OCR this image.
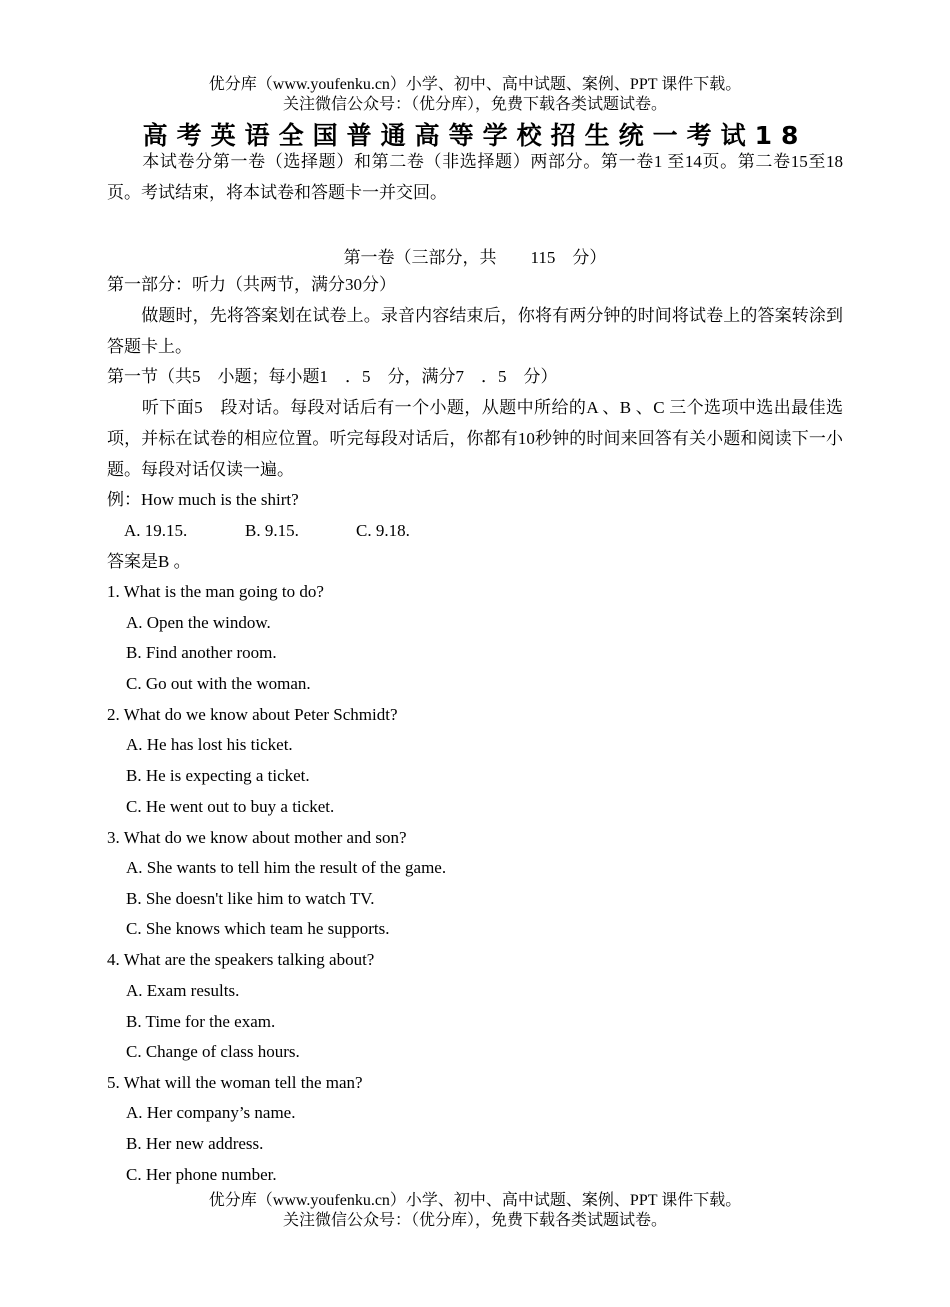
优分库（www.youfenku.cn）小学、初中、高中试题、案例、PPT 课件下载。

关注微信公众号：（优分库），免费下载各类试题试卷。

高考英语全国普通高等学校招生统一考试18

　　本试卷分第一卷（选择题）和第二卷（非选择题）两部分。第一卷1 至14页。第二卷15至18页。考试结束，将本试卷和答题卡一并交回。

第一卷（三部分，共　　115　分）

第一部分：听力（共两节，满分30分）

　　做题时，先将答案划在试卷上。录音内容结束后，你将有两分钟的时间将试卷上的答案转涂到答题卡上。

第一节（共5　小题；每小题1　．5　分，满分7　．5　分）

　　听下面5　段对话。每段对话后有一个小题，从题中所给的A 、B 、C 三个选项中选出最佳选项，并标在试卷的相应位置。听完每段对话后，你都有10秒钟的时间来回答有关小题和阅读下一小题。每段对话仅读一遍。

例：How much is the shirt?

A. 19.15.	B. 9.15.	C. 9.18.

答案是B 。

1. What is the man going to do?

A. Open the window.

B. Find another room.

C. Go out with the woman.

2. What do we know about Peter Schmidt?

A. He has lost his ticket.

B. He is expecting a ticket.

C. He went out to buy a ticket.

3. What do we know about mother and son?

A. She wants to tell him the result of the game.

B. She doesn't like him to watch TV.

C. She knows which team he supports.

4. What are the speakers talking about?

A. Exam results.

B. Time for the exam.

C. Change of class hours.

5. What will the woman tell the man?

A. Her company’s name.

B. Her new address.

C. Her phone number.

优分库（www.youfenku.cn）小学、初中、高中试题、案例、PPT 课件下载。

关注微信公众号：（优分库），免费下载各类试题试卷。
